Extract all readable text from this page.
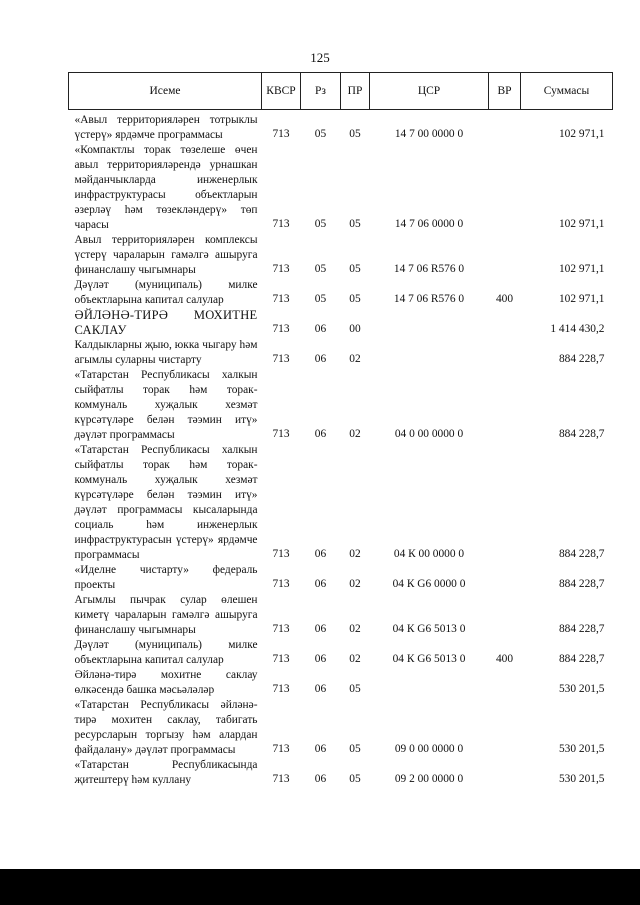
125
Исеме	КВСР	Рз	ПР	ЦСР	ВР	Суммасы
«Авыл территорияләрен тотрыклы үстерү» ярдәмче программасы	713	05	05	14 7 00 0000 0		102 971,1
«Компактлы торак төзелеше өчен авыл территорияләрендә урнашкан мәйданчыкларда инженерлык инфраструктурасы объектларын әзерләү һәм төзекләндерү» төп чарасы	713	05	05	14 7 06 0000 0		102 971,1
Авыл территорияләрен комплексы үстерү чараларын гамәлгә ашыруга финанслашу чыгымнары	713	05	05	14 7 06 R576 0		102 971,1
Дәүләт (муниципаль) милке объектларына капитал салулар	713	05	05	14 7 06 R576 0	400	102 971,1
ӘЙЛӘНӘ-ТИРӘ МОХИТНЕ САКЛАУ	713	06	00			1 414 430,2
Калдыкларны җыю, юкка чыгару һәм агымлы суларны чистарту	713	06	02			884 228,7
«Татарстан Республикасы халкын сыйфатлы торак һәм торак-коммуналь хуҗалык хезмәт күрсәтүләре белән тәэмин итү» дәүләт программасы	713	06	02	04 0 00 0000 0		884 228,7
«Татарстан Республикасы халкын сыйфатлы торак һәм торак-коммуналь хуҗалык хезмәт күрсәтүләре белән тәэмин итү» дәүләт программасы кысаларында социаль һәм инженерлык инфраструктурасын үстерү» ярдәмче программасы	713	06	02	04 К 00 0000 0		884 228,7
«Иделне чистарту» федераль проекты	713	06	02	04 К G6 0000 0		884 228,7
Агымлы пычрак сулар өлешен киметү чараларын гамәлгә ашыруга финанслашу чыгымнары	713	06	02	04 К G6 5013 0		884 228,7
Дәүләт (муниципаль) милке объектларына капитал салулар	713	06	02	04 К G6 5013 0	400	884 228,7
Әйләнә-тирә мохитне саклау өлкәсендә башка мәсьәләләр	713	06	05			530 201,5
«Татарстан Республикасы әйләнә-тирә мохитен саклау, табигать ресурсларын торгызу һәм алардан файдалану» дәүләт программасы	713	06	05	09 0 00 0000 0		530 201,5
«Татарстан Республикасында җитештерү һәм куллану	713	06	05	09 2 00 0000 0		530 201,5
